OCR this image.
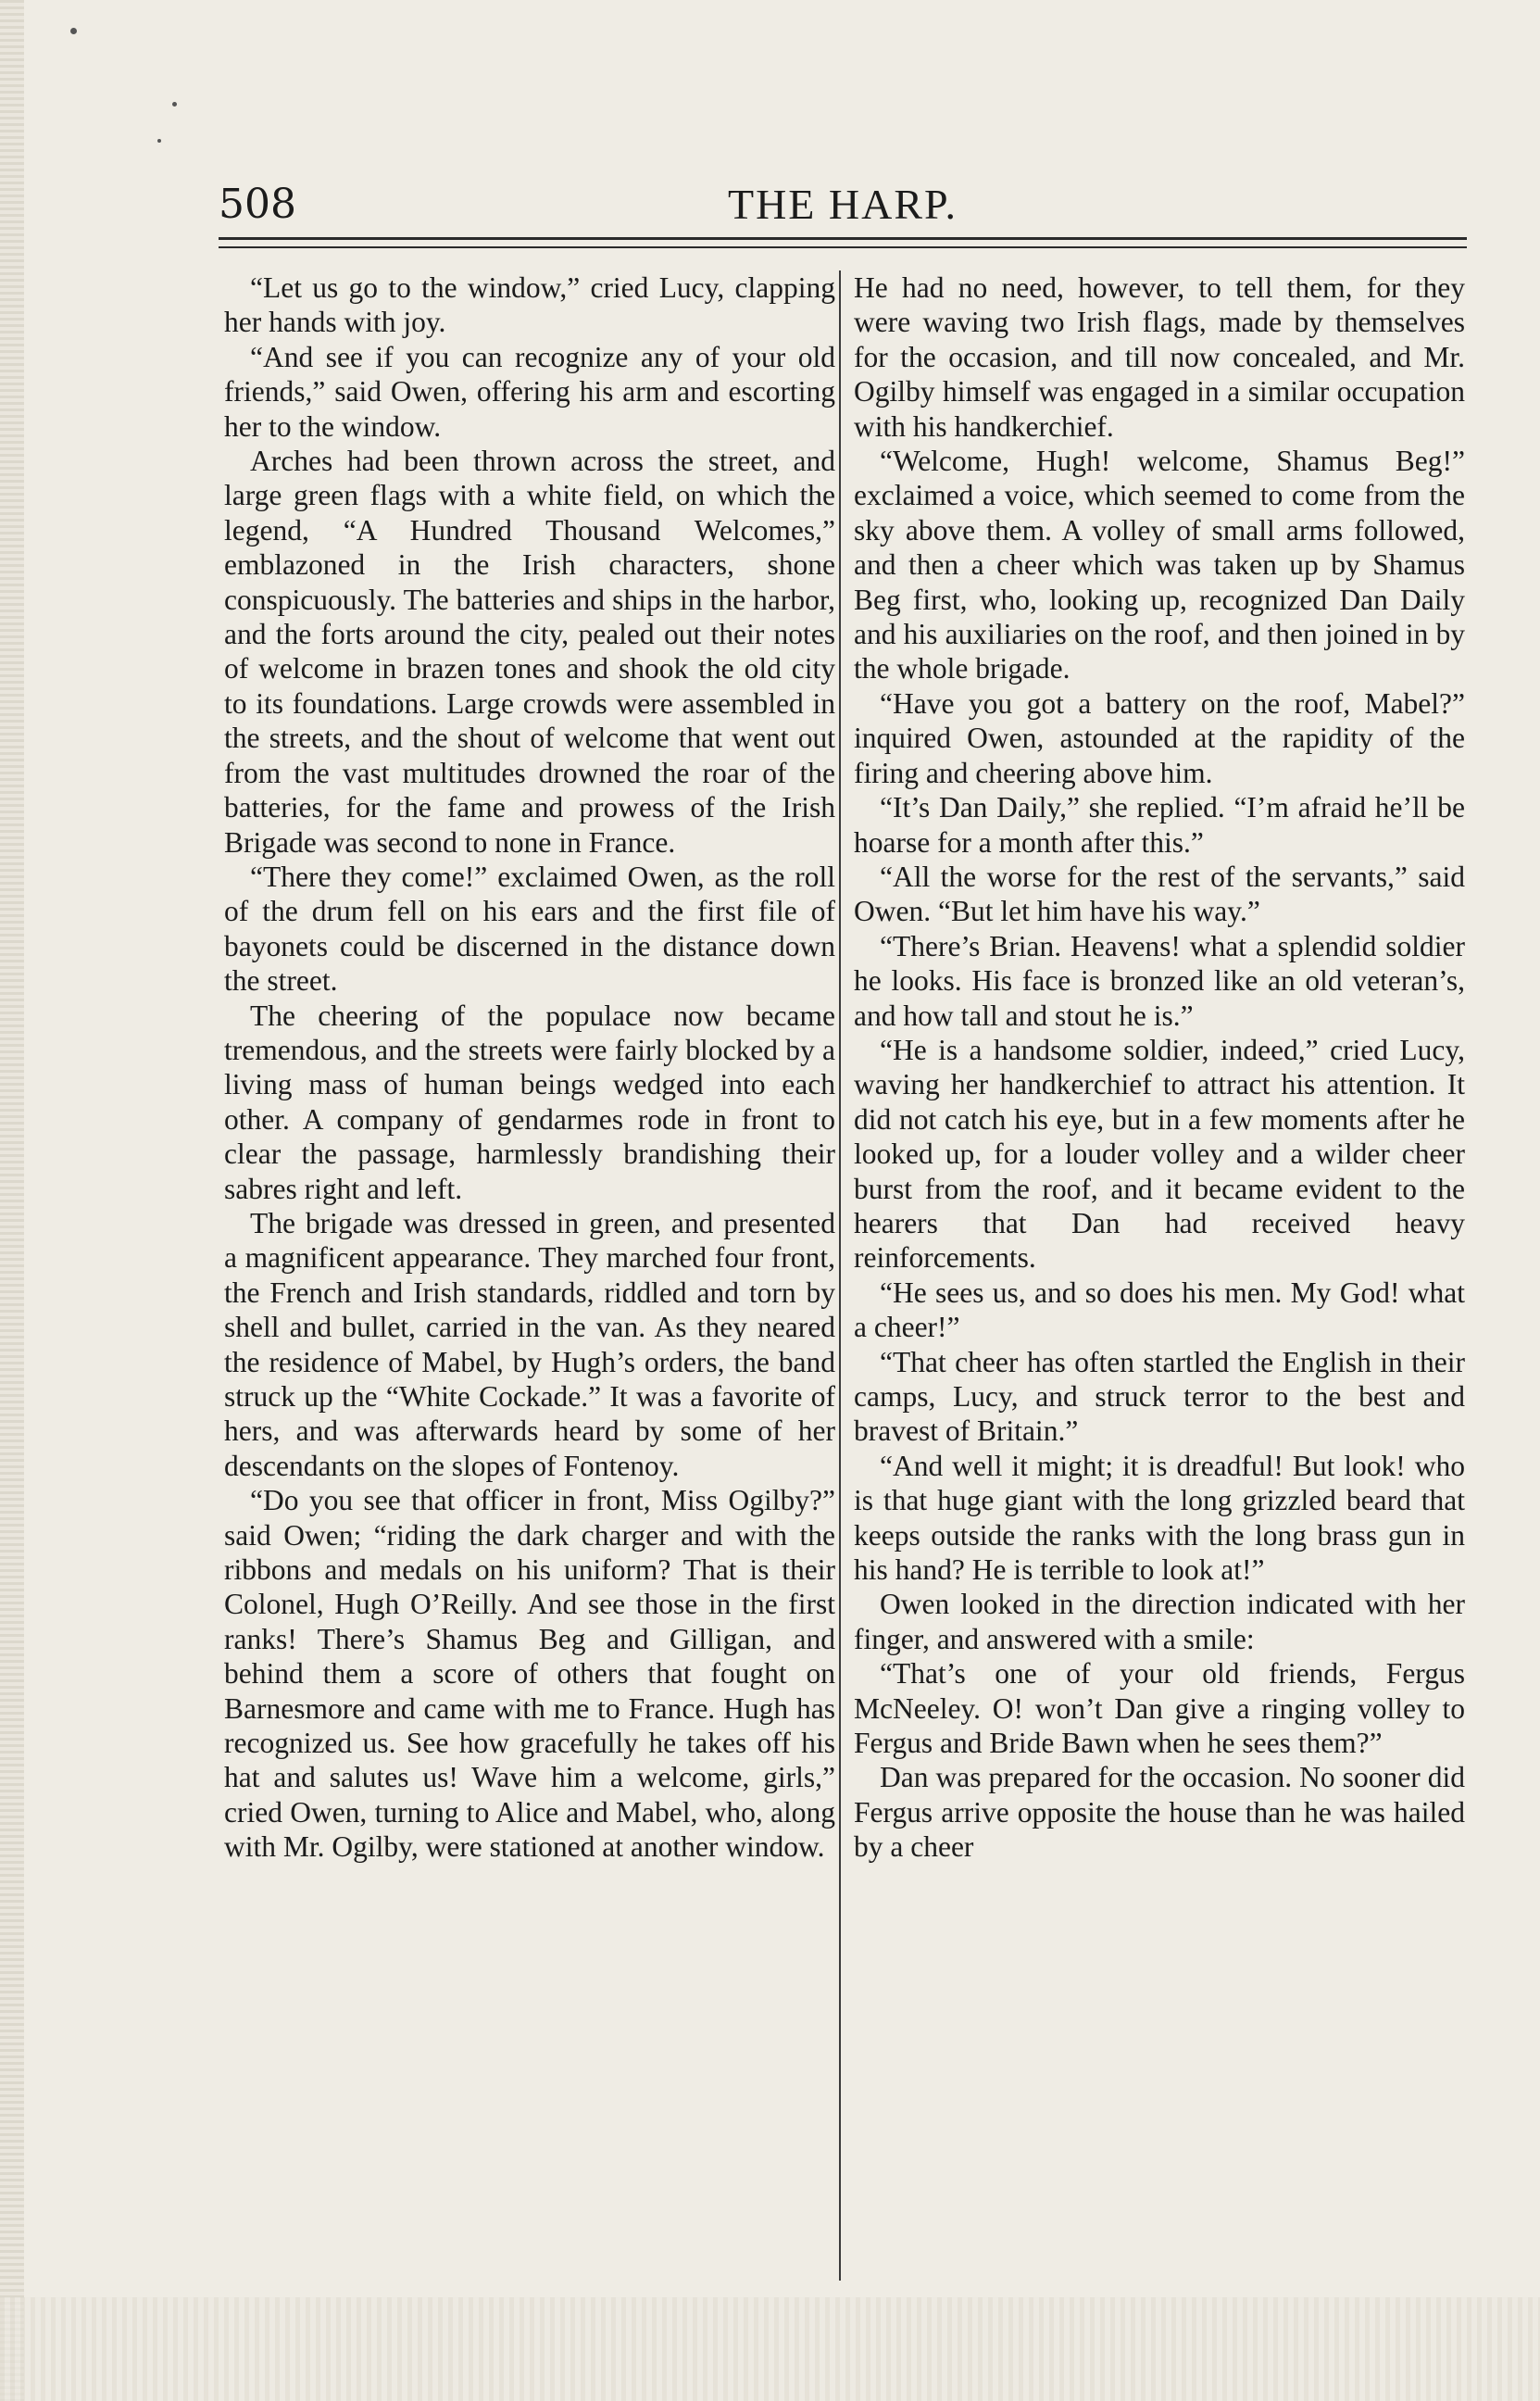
508	THE HARP.

“Let us go to the window,” cried Lucy, clapping her hands with joy.

“And see if you can recognize any of your old friends,” said Owen, offering his arm and escorting her to the window.

Arches had been thrown across the street, and large green flags with a white field, on which the legend, “A Hundred Thousand Welcomes,” emblazoned in the Irish characters, shone conspicuously. The batteries and ships in the harbor, and the forts around the city, pealed out their notes of welcome in brazen tones and shook the old city to its foundations. Large crowds were assembled in the streets, and the shout of welcome that went out from the vast multitudes drowned the roar of the batteries, for the fame and prowess of the Irish Brigade was second to none in France.

“There they come!” exclaimed Owen, as the roll of the drum fell on his ears and the first file of bayonets could be discerned in the distance down the street.

The cheering of the populace now became tremendous, and the streets were fairly blocked by a living mass of human beings wedged into each other. A company of gendarmes rode in front to clear the passage, harmlessly brandishing their sabres right and left.

The brigade was dressed in green, and presented a magnificent appearance. They marched four front, the French and Irish standards, riddled and torn by shell and bullet, carried in the van. As they neared the residence of Mabel, by Hugh’s orders, the band struck up the “White Cockade.” It was a favorite of hers, and was afterwards heard by some of her descendants on the slopes of Fontenoy.

“Do you see that officer in front, Miss Ogilby?” said Owen; “riding the dark charger and with the ribbons and medals on his uniform? That is their Colonel, Hugh O’Reilly. And see those in the first ranks! There’s Shamus Beg and Gilligan, and behind them a score of others that fought on Barnesmore and came with me to France. Hugh has recognized us. See how gracefully he takes off his hat and salutes us! Wave him a welcome, girls,” cried Owen, turning to Alice and Mabel, who, along with Mr. Ogilby, were stationed at another window.

He had no need, however, to tell them, for they were waving two Irish flags, made by themselves for the occasion, and till now concealed, and Mr. Ogilby himself was engaged in a similar occupation with his handkerchief.

“Welcome, Hugh! welcome, Shamus Beg!” exclaimed a voice, which seemed to come from the sky above them. A volley of small arms followed, and then a cheer which was taken up by Shamus Beg first, who, looking up, recognized Dan Daily and his auxiliaries on the roof, and then joined in by the whole brigade.

“Have you got a battery on the roof, Mabel?” inquired Owen, astounded at the rapidity of the firing and cheering above him.

“It’s Dan Daily,” she replied. “I’m afraid he’ll be hoarse for a month after this.”

“All the worse for the rest of the servants,” said Owen. “But let him have his way.”

“There’s Brian. Heavens! what a splendid soldier he looks. His face is bronzed like an old veteran’s, and how tall and stout he is.”

“He is a handsome soldier, indeed,” cried Lucy, waving her handkerchief to attract his attention. It did not catch his eye, but in a few moments after he looked up, for a louder volley and a wilder cheer burst from the roof, and it became evident to the hearers that Dan had received heavy reinforcements.

“He sees us, and so does his men. My God! what a cheer!”

“That cheer has often startled the English in their camps, Lucy, and struck terror to the best and bravest of Britain.”

“And well it might; it is dreadful! But look! who is that huge giant with the long grizzled beard that keeps outside the ranks with the long brass gun in his hand? He is terrible to look at!”

Owen looked in the direction indicated with her finger, and answered with a smile:

“That’s one of your old friends, Fergus McNeeley. O! won’t Dan give a ringing volley to Fergus and Bride Bawn when he sees them?”

Dan was prepared for the occasion. No sooner did Fergus arrive opposite the house than he was hailed by a cheer
